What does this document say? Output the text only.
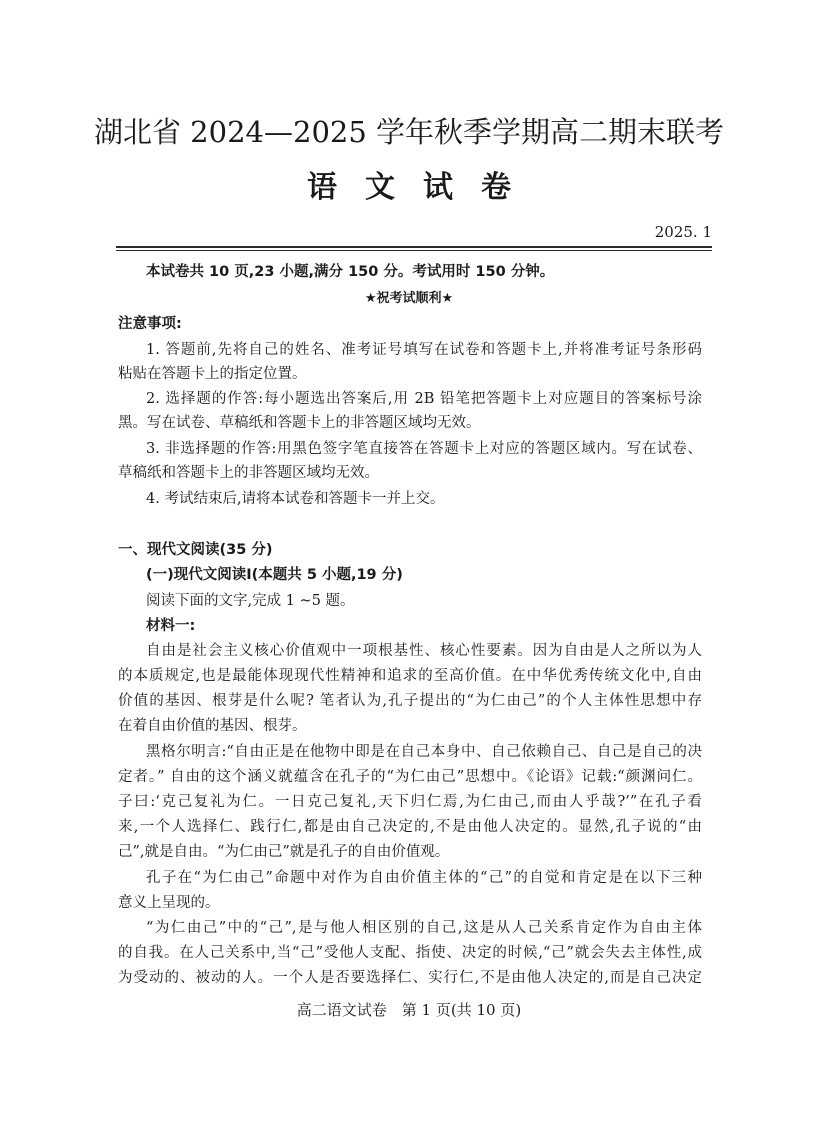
湖北省 2024—2025 学年秋季学期高二期末联考
语文试卷
2025. 1
本试卷共 10 页,23 小题,满分 150 分。考试用时 150 分钟。
★祝考试顺利★
注意事项:
1. 答题前,先将自己的姓名、准考证号填写在试卷和答题卡上,并将准考证号条形码
粘贴在答题卡上的指定位置。
2. 选择题的作答:每小题选出答案后,用 2B 铅笔把答题卡上对应题目的答案标号涂
黑。写在试卷、草稿纸和答题卡上的非答题区域均无效。
3. 非选择题的作答:用黑色签字笔直接答在答题卡上对应的答题区域内。写在试卷、
草稿纸和答题卡上的非答题区域均无效。
4. 考试结束后,请将本试卷和答题卡一并上交。
一、现代文阅读(35 分)
(一)现代文阅读Ⅰ(本题共 5 小题,19 分)
阅读下面的文字,完成 1 ~5 题。
材料一:
自由是社会主义核心价值观中一项根基性、核心性要素。因为自由是人之所以为人
的本质规定,也是最能体现现代性精神和追求的至高价值。在中华优秀传统文化中,自由
价值的基因、根芽是什么呢? 笔者认为,孔子提出的“为仁由己”的个人主体性思想中存
在着自由价值的基因、根芽。
黑格尔明言:“自由正是在他物中即是在自己本身中、自己依赖自己、自己是自己的决
定者。” 自由的这个涵义就蕴含在孔子的“为仁由己”思想中。《论语》记载:“颜渊问仁。
子曰:‘克己复礼为仁。一日克己复礼,天下归仁焉,为仁由己,而由人乎哉?’”在孔子看
来,一个人选择仁、践行仁,都是由自己决定的,不是由他人决定的。显然,孔子说的“由
己”,就是自由。“为仁由己”就是孔子的自由价值观。
孔子在“为仁由己”命题中对作为自由价值主体的“己”的自觉和肯定是在以下三种
意义上呈现的。
“为仁由己”中的“己”,是与他人相区别的自己,这是从人己关系肯定作为自由主体
的自我。在人己关系中,当“己”受他人支配、指使、决定的时候,“己”就会失去主体性,成
为受动的、被动的人。一个人是否要选择仁、实行仁,不是由他人决定的,而是自己决定
高二语文试卷　第 1 页(共 10 页)
